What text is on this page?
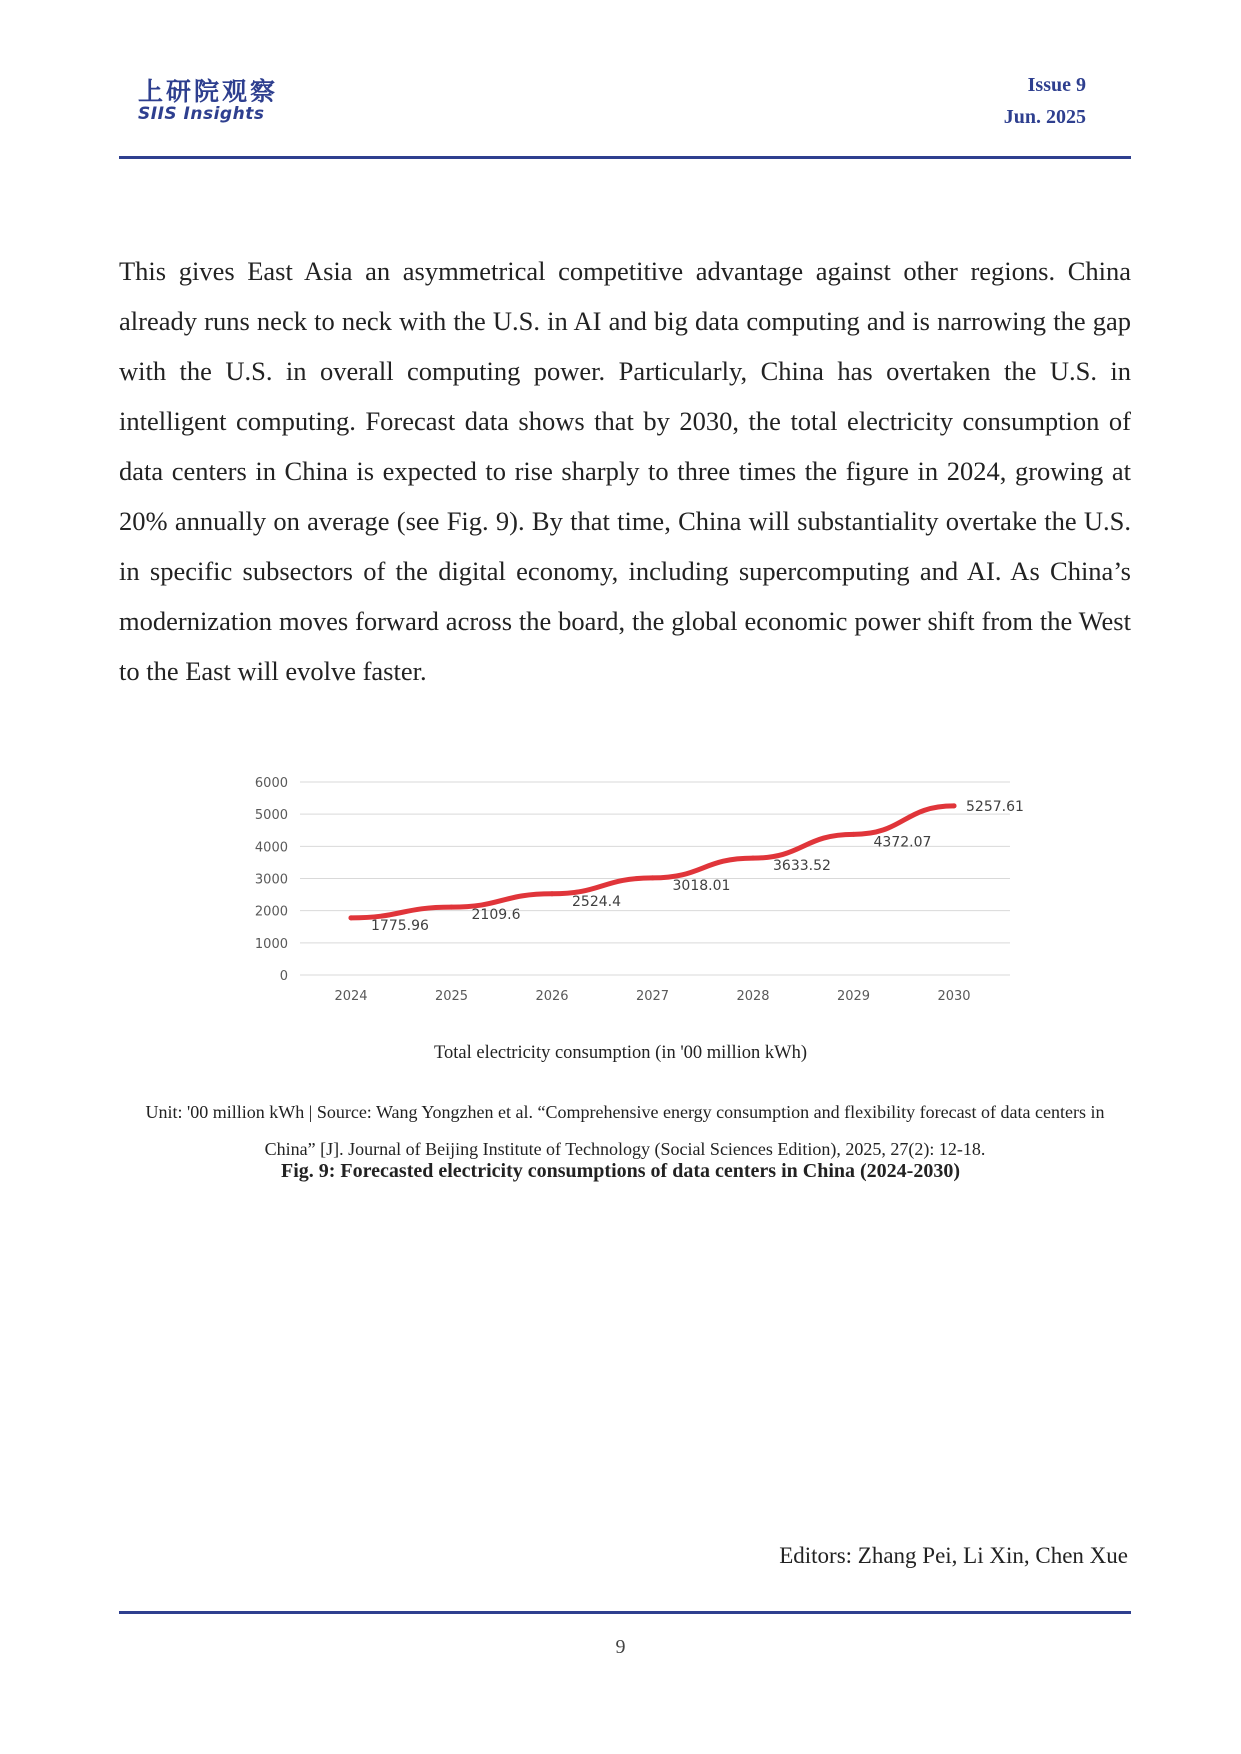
上研院观察
SIIS Insights
Issue 9
Jun. 2025

This gives East Asia an asymmetrical competitive advantage against other regions. China already runs neck to neck with the U.S. in AI and big data computing and is narrowing the gap with the U.S. in overall computing power. Particularly, China has overtaken the U.S. in intelligent computing. Forecast data shows that by 2030, the total electricity consumption of data centers in China is expected to rise sharply to three times the figure in 2024, growing at 20% annually on average (see Fig. 9). By that time, China will substantiality overtake the U.S. in specific subsectors of the digital economy, including supercomputing and AI. As China’s modernization moves forward across the board, the global economic power shift from the West to the East will evolve faster.

0
1000
2000
3000
4000
5000
6000
2024	2025	2026	2027	2028	2029	2030
1775.96
2109.6
2524.4
3018.01
3633.52
4372.07
5257.61
Total electricity consumption (in '00 million kWh)
Unit: '00 million kWh | Source: Wang Yongzhen et al. “Comprehensive energy consumption and flexibility forecast of data centers in China” [J]. Journal of Beijing Institute of Technology (Social Sciences Edition), 2025, 27(2): 12-18.
Fig. 9: Forecasted electricity consumptions of data centers in China (2024-2030)
Editors: Zhang Pei, Li Xin, Chen Xue
9
